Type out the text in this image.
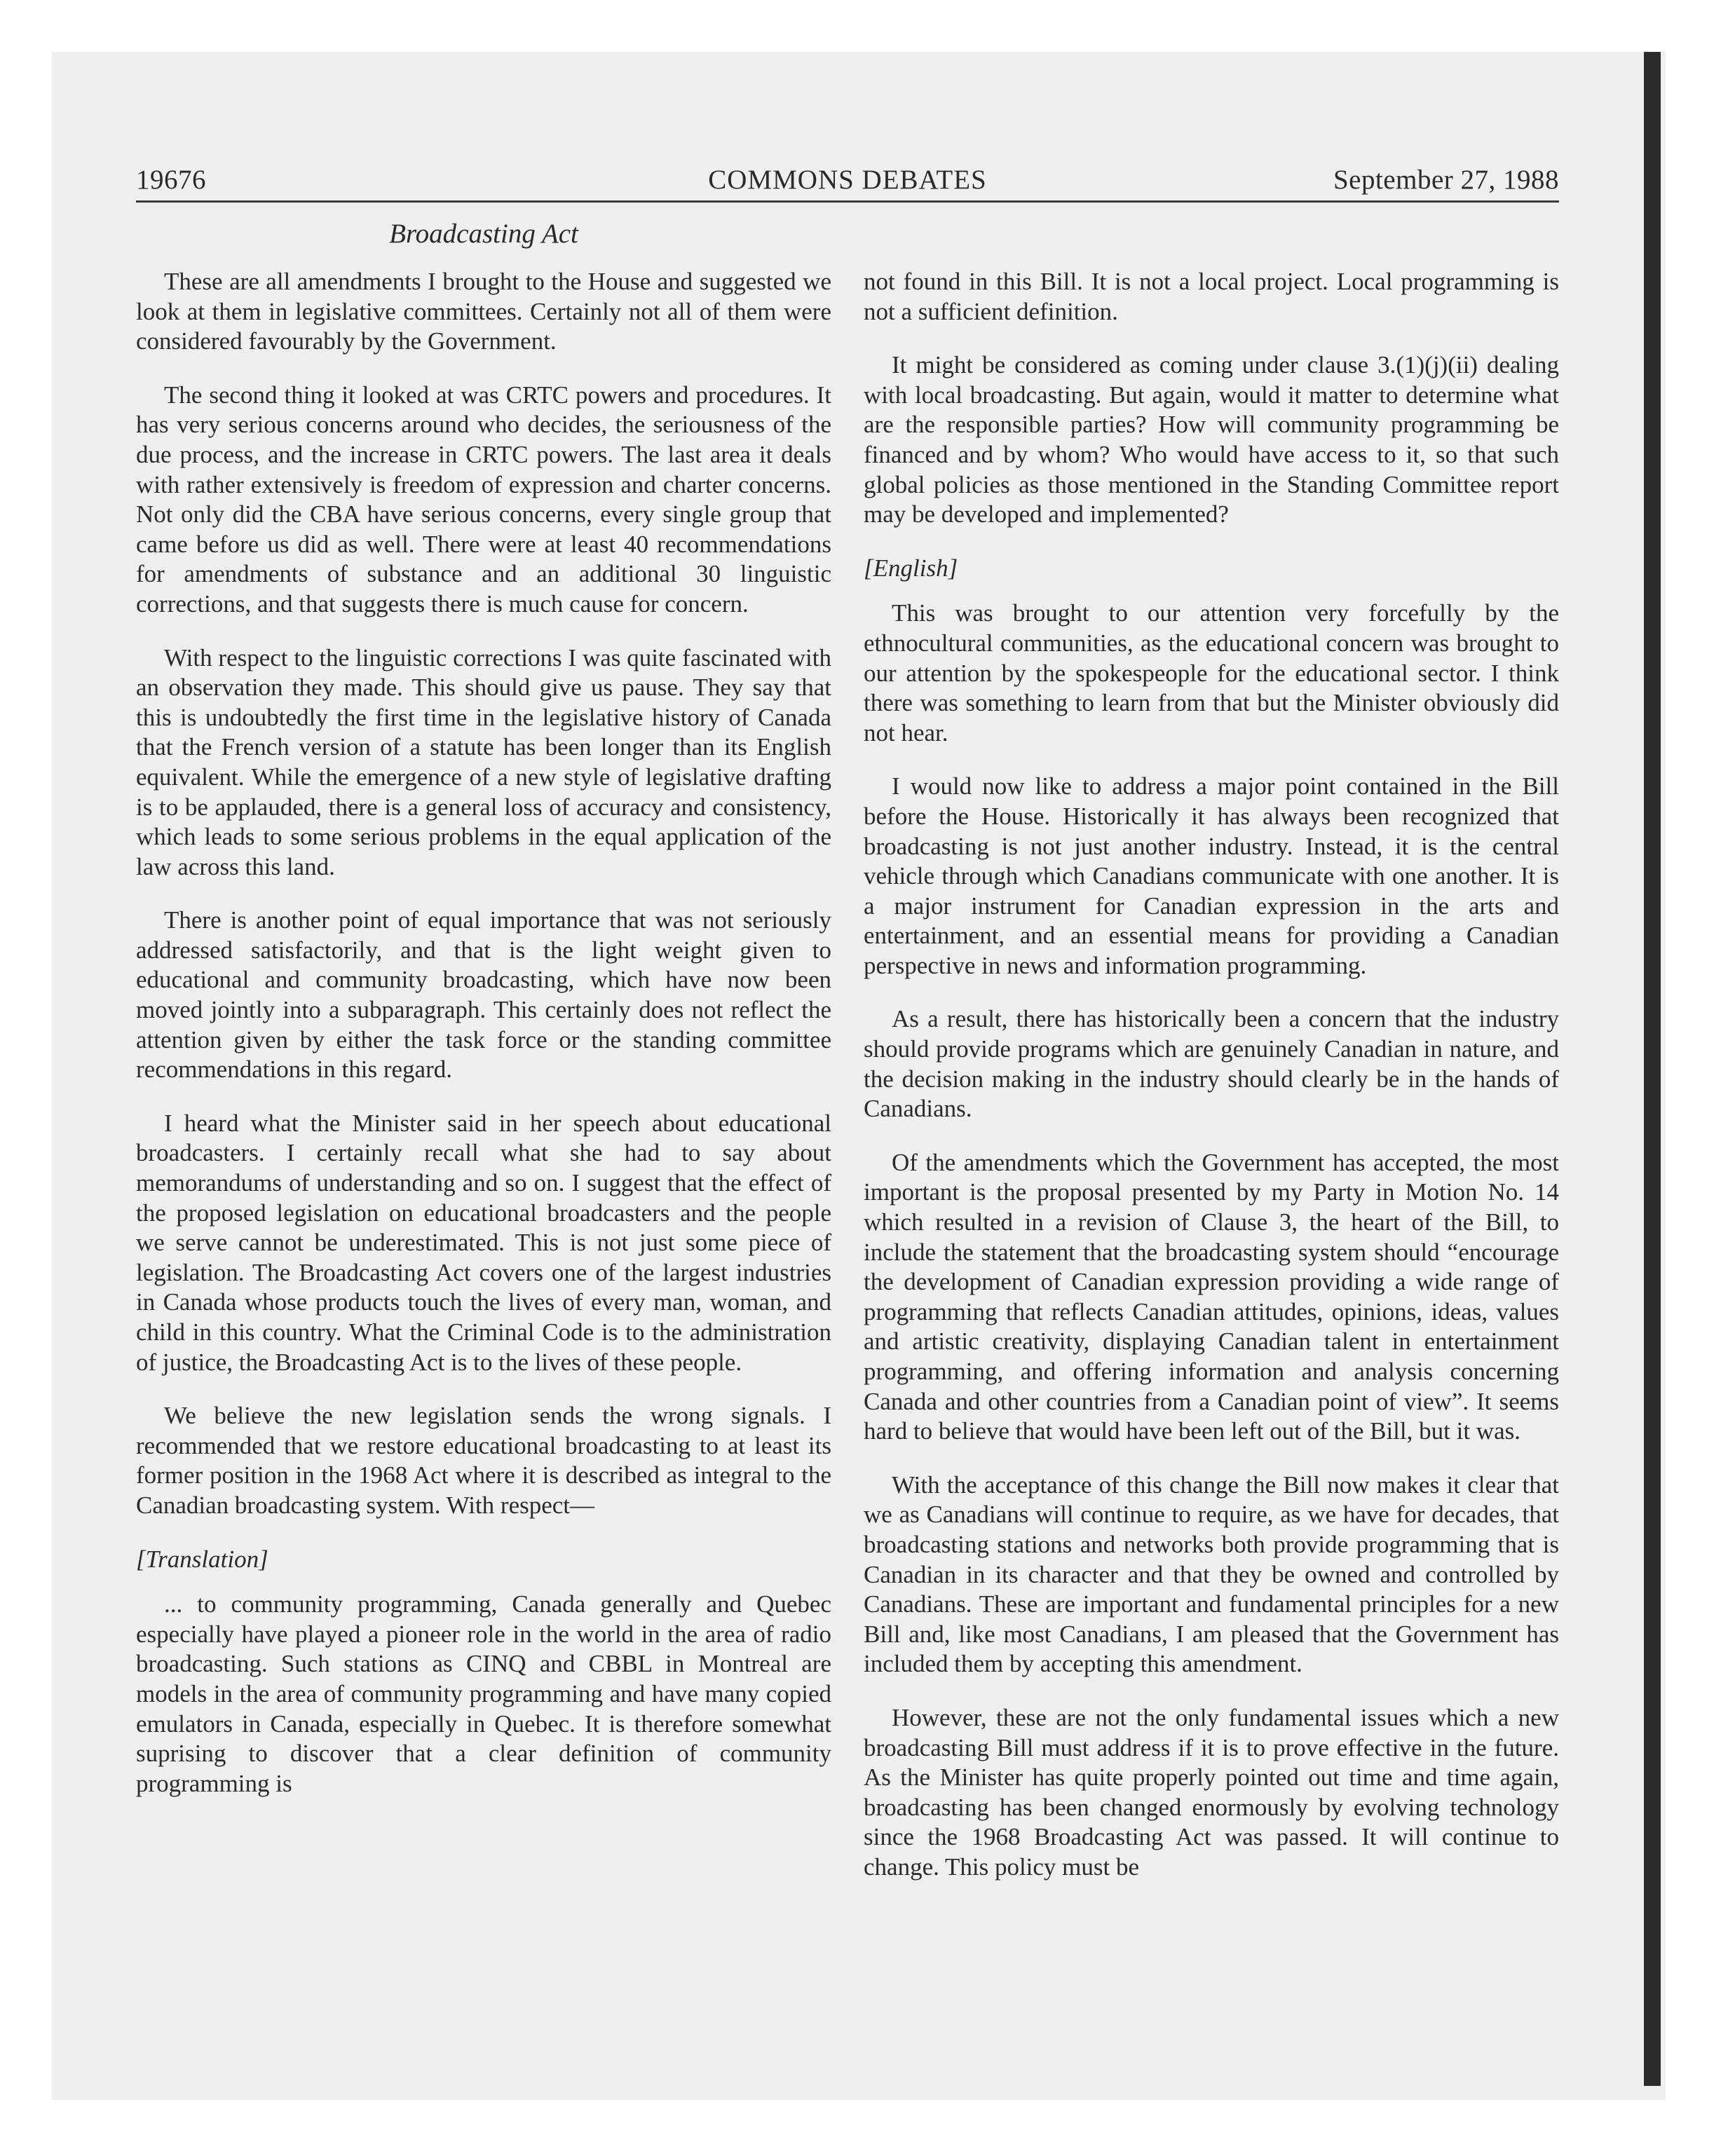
19676	COMMONS DEBATES	September 27, 1988
Broadcasting Act

These are all amendments I brought to the House and suggested we look at them in legislative committees. Certainly not all of them were considered favourably by the Government.

The second thing it looked at was CRTC powers and procedures. It has very serious concerns around who decides, the seriousness of the due process, and the increase in CRTC powers. The last area it deals with rather extensively is freedom of expression and charter concerns. Not only did the CBA have serious concerns, every single group that came before us did as well. There were at least 40 recommendations for amendments of substance and an additional 30 linguistic corrections, and that suggests there is much cause for concern.

With respect to the linguistic corrections I was quite fascinated with an observation they made. This should give us pause. They say that this is undoubtedly the first time in the legislative history of Canada that the French version of a statute has been longer than its English equivalent. While the emergence of a new style of legislative drafting is to be applauded, there is a general loss of accuracy and consistency, which leads to some serious problems in the equal application of the law across this land.

There is another point of equal importance that was not seriously addressed satisfactorily, and that is the light weight given to educational and community broadcasting, which have now been moved jointly into a subparagraph. This certainly does not reflect the attention given by either the task force or the standing committee recommendations in this regard.

I heard what the Minister said in her speech about educational broadcasters. I certainly recall what she had to say about memorandums of understanding and so on. I suggest that the effect of the proposed legislation on educational broadcasters and the people we serve cannot be underestimated. This is not just some piece of legislation. The Broadcasting Act covers one of the largest industries in Canada whose products touch the lives of every man, woman, and child in this country. What the Criminal Code is to the administration of justice, the Broadcasting Act is to the lives of these people.

We believe the new legislation sends the wrong signals. I recommended that we restore educational broadcasting to at least its former position in the 1968 Act where it is described as integral to the Canadian broadcasting system. With respect—

[Translation]

... to community programming, Canada generally and Quebec especially have played a pioneer role in the world in the area of radio broadcasting. Such stations as CINQ and CBBL in Montreal are models in the area of community programming and have many copied emulators in Canada, especially in Quebec. It is therefore somewhat suprising to discover that a clear definition of community programming is

not found in this Bill. It is not a local project. Local programming is not a sufficient definition.

It might be considered as coming under clause 3.(1)(j)(ii) dealing with local broadcasting. But again, would it matter to determine what are the responsible parties? How will community programming be financed and by whom? Who would have access to it, so that such global policies as those mentioned in the Standing Committee report may be developed and implemented?

[English]

This was brought to our attention very forcefully by the ethnocultural communities, as the educational concern was brought to our attention by the spokespeople for the educational sector. I think there was something to learn from that but the Minister obviously did not hear.

I would now like to address a major point contained in the Bill before the House. Historically it has always been recognized that broadcasting is not just another industry. Instead, it is the central vehicle through which Canadians communicate with one another. It is a major instrument for Canadian expression in the arts and entertainment, and an essential means for providing a Canadian perspective in news and information programming.

As a result, there has historically been a concern that the industry should provide programs which are genuinely Canadian in nature, and the decision making in the industry should clearly be in the hands of Canadians.

Of the amendments which the Government has accepted, the most important is the proposal presented by my Party in Motion No. 14 which resulted in a revision of Clause 3, the heart of the Bill, to include the statement that the broadcasting system should “encourage the development of Canadian expression providing a wide range of programming that reflects Canadian attitudes, opinions, ideas, values and artistic creativity, displaying Canadian talent in entertainment programming, and offering information and analysis concerning Canada and other countries from a Canadian point of view”. It seems hard to believe that would have been left out of the Bill, but it was.

With the acceptance of this change the Bill now makes it clear that we as Canadians will continue to require, as we have for decades, that broadcasting stations and networks both provide programming that is Canadian in its character and that they be owned and controlled by Canadians. These are important and fundamental principles for a new Bill and, like most Canadians, I am pleased that the Government has included them by accepting this amendment.

However, these are not the only fundamental issues which a new broadcasting Bill must address if it is to prove effective in the future. As the Minister has quite properly pointed out time and time again, broadcasting has been changed enormously by evolving technology since the 1968 Broadcasting Act was passed. It will continue to change. This policy must be
